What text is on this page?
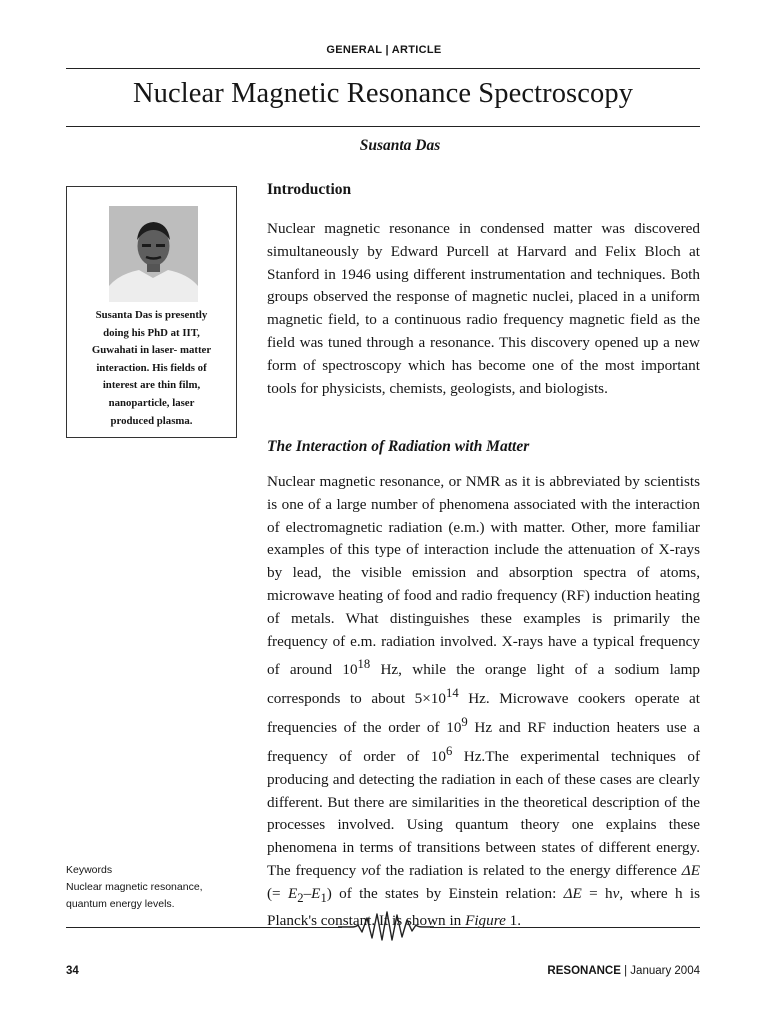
GENERAL | ARTICLE
Nuclear Magnetic Resonance Spectroscopy
Susanta Das
Susanta Das is presently
doing his PhD at IIT,
Guwahati in laser- matter
interaction. His fields of
interest are thin film,
nanoparticle, laser
produced plasma.
Keywords
Nuclear magnetic resonance,
quantum energy levels.
Introduction

Nuclear magnetic resonance in condensed matter was discovered simultaneously by Edward Purcell at Harvard and Felix Bloch at Stanford in 1946 using different instrumentation and techniques. Both groups observed the response of magnetic nuclei, placed in a uniform magnetic field, to a continuous radio frequency magnetic field as the field was tuned through a resonance. This discovery opened up a new form of spectroscopy which has become one of the most important tools for physicists, chemists, geologists, and biologists.

The Interaction of Radiation with Matter

Nuclear magnetic resonance, or NMR as it is abbreviated by scientists is one of a large number of phenomena associated with the interaction of electromagnetic radiation (e.m.) with matter. Other, more familiar examples of this type of interaction include the attenuation of X-rays by lead, the visible emission and absorption spectra of atoms, microwave heating of food and radio frequency (RF) induction heating of metals. What distinguishes these examples is primarily the frequency of e.m. radiation involved. X-rays have a typical frequency of around $10^{18}$ Hz, while the orange light of a sodium lamp corresponds to about $5\times 10^{14}$ Hz. Microwave cookers operate at frequencies of the order of $10^9$ Hz and RF induction heaters use a frequency of order of $10^6$ Hz.The experimental techniques of producing and detecting the radiation in each of these cases are clearly different. But there are similarities in the theoretical description of the processes involved. Using quantum theory one explains these phenomena in terms of transitions between states of different energy. The frequency νof the radiation is related to the energy difference ΔE (= $E_2-E_1$) of the states by Einstein relation: ΔE = hν, where h is Planck's constant. It is shown in Figure 1.

34	RESONANCE | January 2004
